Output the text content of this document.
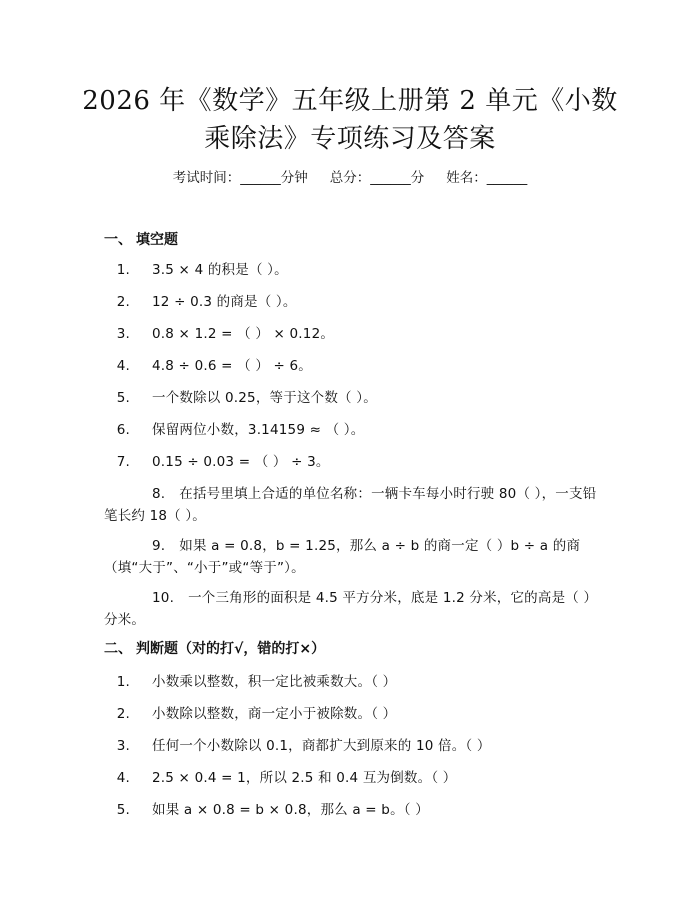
2026 年《数学》五年级上册第 2 单元《小数
乘除法》专项练习及答案
考试时间：______分钟 总分：______分 姓名：______
一、 填空题
1. 3.5 × 4 的积是（ ）。
2. 12 ÷ 0.3 的商是（ ）。
3. 0.8 × 1.2 = （ ） × 0.12。
4. 4.8 ÷ 0.6 = （ ） ÷ 6。
5. 一个数除以 0.25，等于这个数（ ）。
6. 保留两位小数，3.14159 ≈ （ ）。
7. 0.15 ÷ 0.03 = （ ） ÷ 3。
8. 在括号里填上合适的单位名称：一辆卡车每小时行驶 80（ ），一支铅笔长约 18（ ）。
9. 如果 a = 0.8，b = 1.25，那么 a ÷ b 的商一定（ ）b ÷ a 的商（填“大于”、“小于”或“等于”）。
10. 一个三角形的面积是 4.5 平方分米，底是 1.2 分米，它的高是（ ）分米。
二、 判断题（对的打√，错的打×）
1. 小数乘以整数，积一定比被乘数大。（ ）
2. 小数除以整数，商一定小于被除数。（ ）
3. 任何一个小数除以 0.1，商都扩大到原来的 10 倍。（ ）
4. 2.5 × 0.4 = 1，所以 2.5 和 0.4 互为倒数。（ ）
5. 如果 a × 0.8 = b × 0.8，那么 a = b。（ ）
